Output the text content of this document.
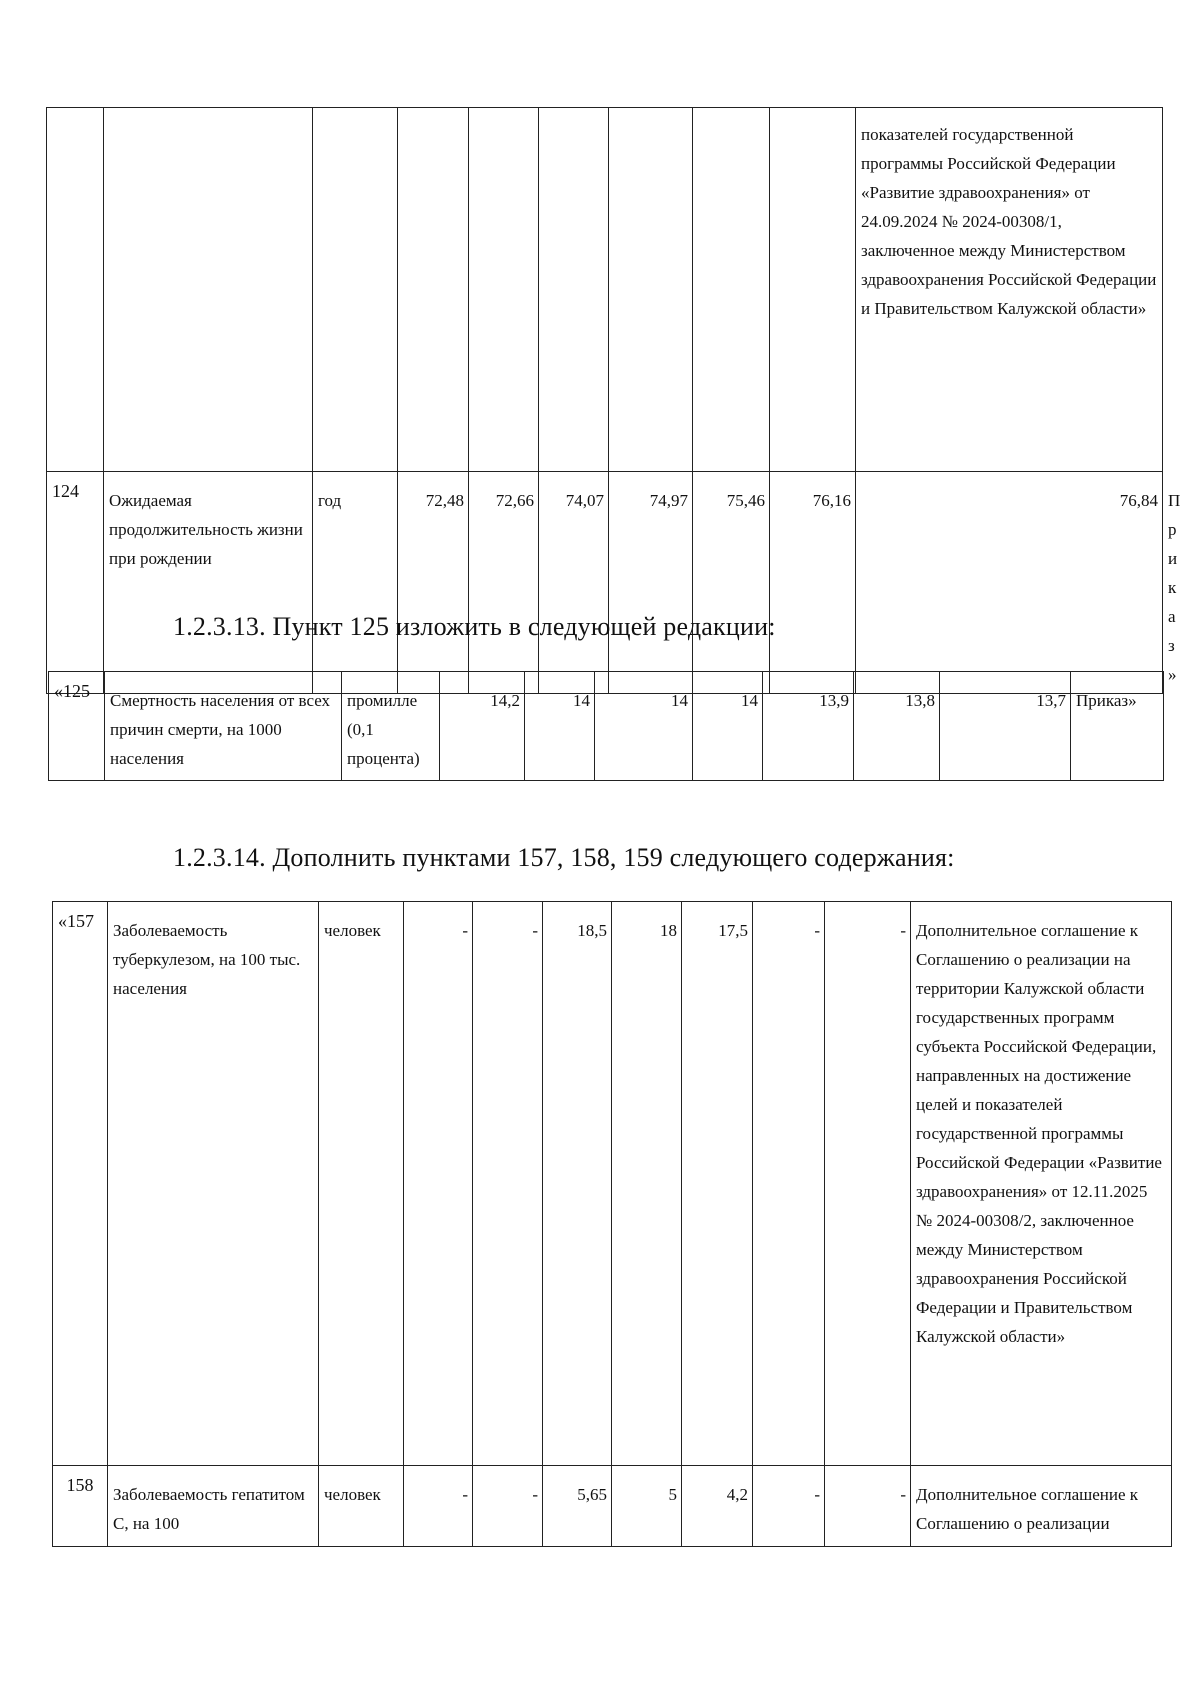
									показателей государственной программы Российской Федерации «Развитие здравоохранения» от 24.09.2024 № 2024-00308/1, заключенное между Министерством здравоохранения Российской Федерации и Правительством Калужской области»	
124	Ожидаемая продолжительность жизни при рождении	год	72,48	72,66	74,07	74,97	75,46	76,16	76,84	Приказ»
1.2.3.13. Пункт 125 изложить в следующей редакции:
«125	Смертность населения от всех причин смерти, на 1000 населения	промилле (0,1 процента)	14,2	14	14	14	13,9	13,8	13,7	Приказ»
1.2.3.14. Дополнить пунктами 157, 158, 159 следующего содержания:
«157	Заболеваемость туберкулезом, на 100 тыс. населения	человек	-	-	18,5	18	17,5	-	-	Дополнительное соглашение к Соглашению о реализации на территории Калужской области государственных программ субъекта Российской Федерации, направленных на достижение целей и показателей государственной программы Российской Федерации «Развитие здравоохранения» от 12.11.2025 № 2024-00308/2, заключенное между Министерством здравоохранения Российской Федерации и Правительством Калужской области»
158	Заболеваемость гепатитом С, на 100	человек	-	-	5,65	5	4,2	-	-	Дополнительное соглашение к Соглашению о реализации
